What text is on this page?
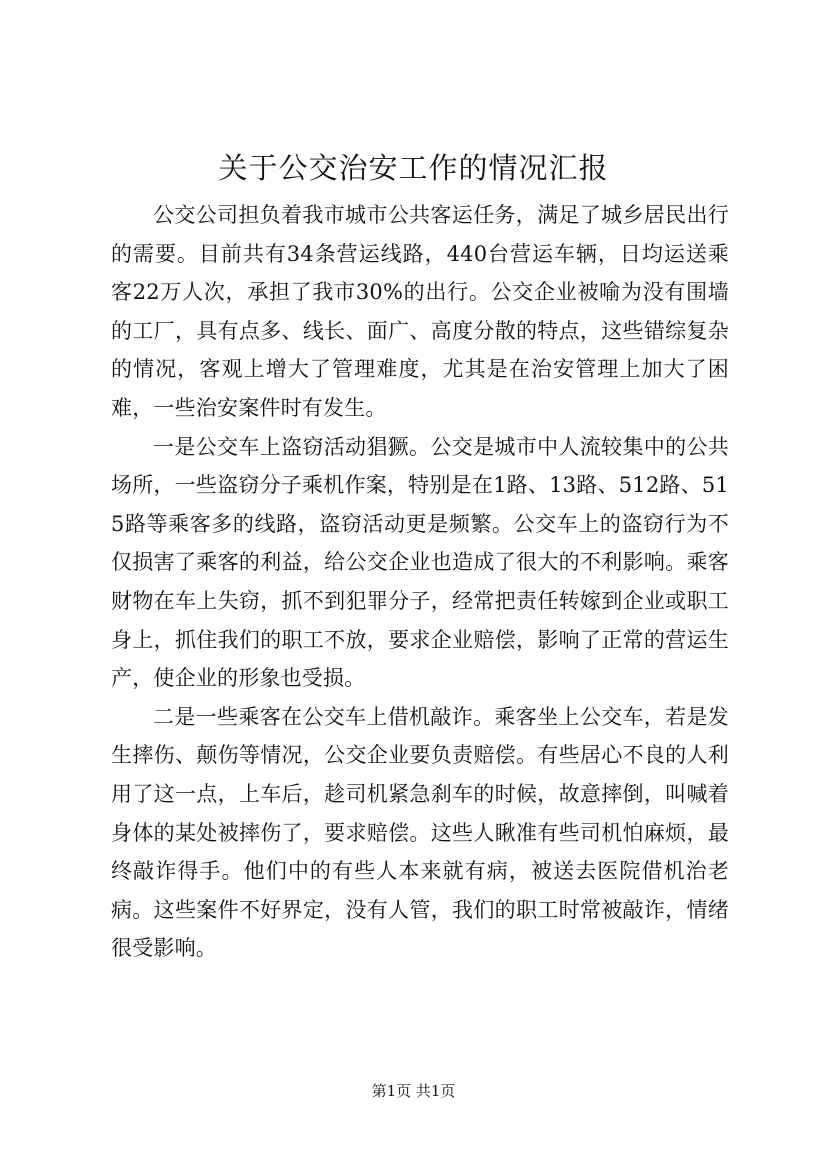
关于公交治安工作的情况汇报

公交公司担负着我市城市公共客运任务，满足了城乡居民出行的需要。目前共有34条营运线路，440台营运车辆，日均运送乘客22万人次，承担了我市30%的出行。公交企业被喻为没有围墙的工厂，具有点多、线长、面广、高度分散的特点，这些错综复杂的情况，客观上增大了管理难度，尤其是在治安管理上加大了困难，一些治安案件时有发生。

一是公交车上盗窃活动猖獗。公交是城市中人流较集中的公共场所，一些盗窃分子乘机作案，特别是在1路、13路、512路、515路等乘客多的线路，盗窃活动更是频繁。公交车上的盗窃行为不仅损害了乘客的利益，给公交企业也造成了很大的不利影响。乘客财物在车上失窃，抓不到犯罪分子，经常把责任转嫁到企业或职工身上，抓住我们的职工不放，要求企业赔偿，影响了正常的营运生产，使企业的形象也受损。

二是一些乘客在公交车上借机敲诈。乘客坐上公交车，若是发生摔伤、颠伤等情况，公交企业要负责赔偿。有些居心不良的人利用了这一点，上车后，趁司机紧急刹车的时候，故意摔倒，叫喊着身体的某处被摔伤了，要求赔偿。这些人瞅准有些司机怕麻烦，最终敲诈得手。他们中的有些人本来就有病，被送去医院借机治老病。这些案件不好界定，没有人管，我们的职工时常被敲诈，情绪很受影响。

第1页 共1页
